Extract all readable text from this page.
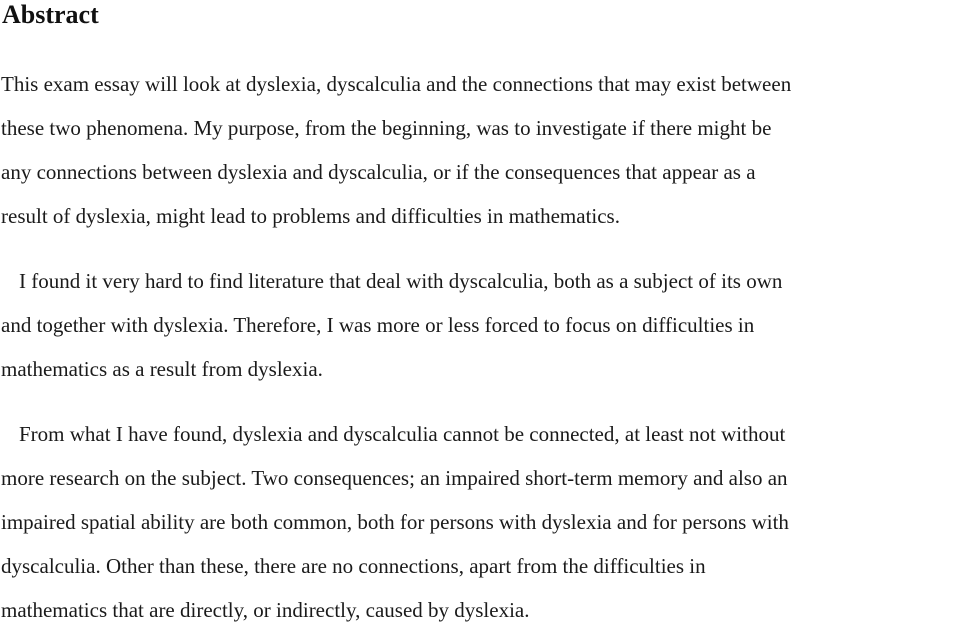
Abstract

This exam essay will look at dyslexia, dyscalculia and the connections that may exist between

these two phenomena. My purpose, from the beginning, was to investigate if there might be

any connections between dyslexia and dyscalculia, or if the consequences that appear as a

result of dyslexia, might lead to problems and difficulties in mathematics.

I found it very hard to find literature that deal with dyscalculia, both as a subject of its own

and together with dyslexia. Therefore, I was more or less forced to focus on difficulties in

mathematics as a result from dyslexia.

From what I have found, dyslexia and dyscalculia cannot be connected, at least not without

more research on the subject. Two consequences; an impaired short-term memory and also an

impaired spatial ability are both common, both for persons with dyslexia and for persons with

dyscalculia. Other than these, there are no connections, apart from the difficulties in

mathematics that are directly, or indirectly, caused by dyslexia.
